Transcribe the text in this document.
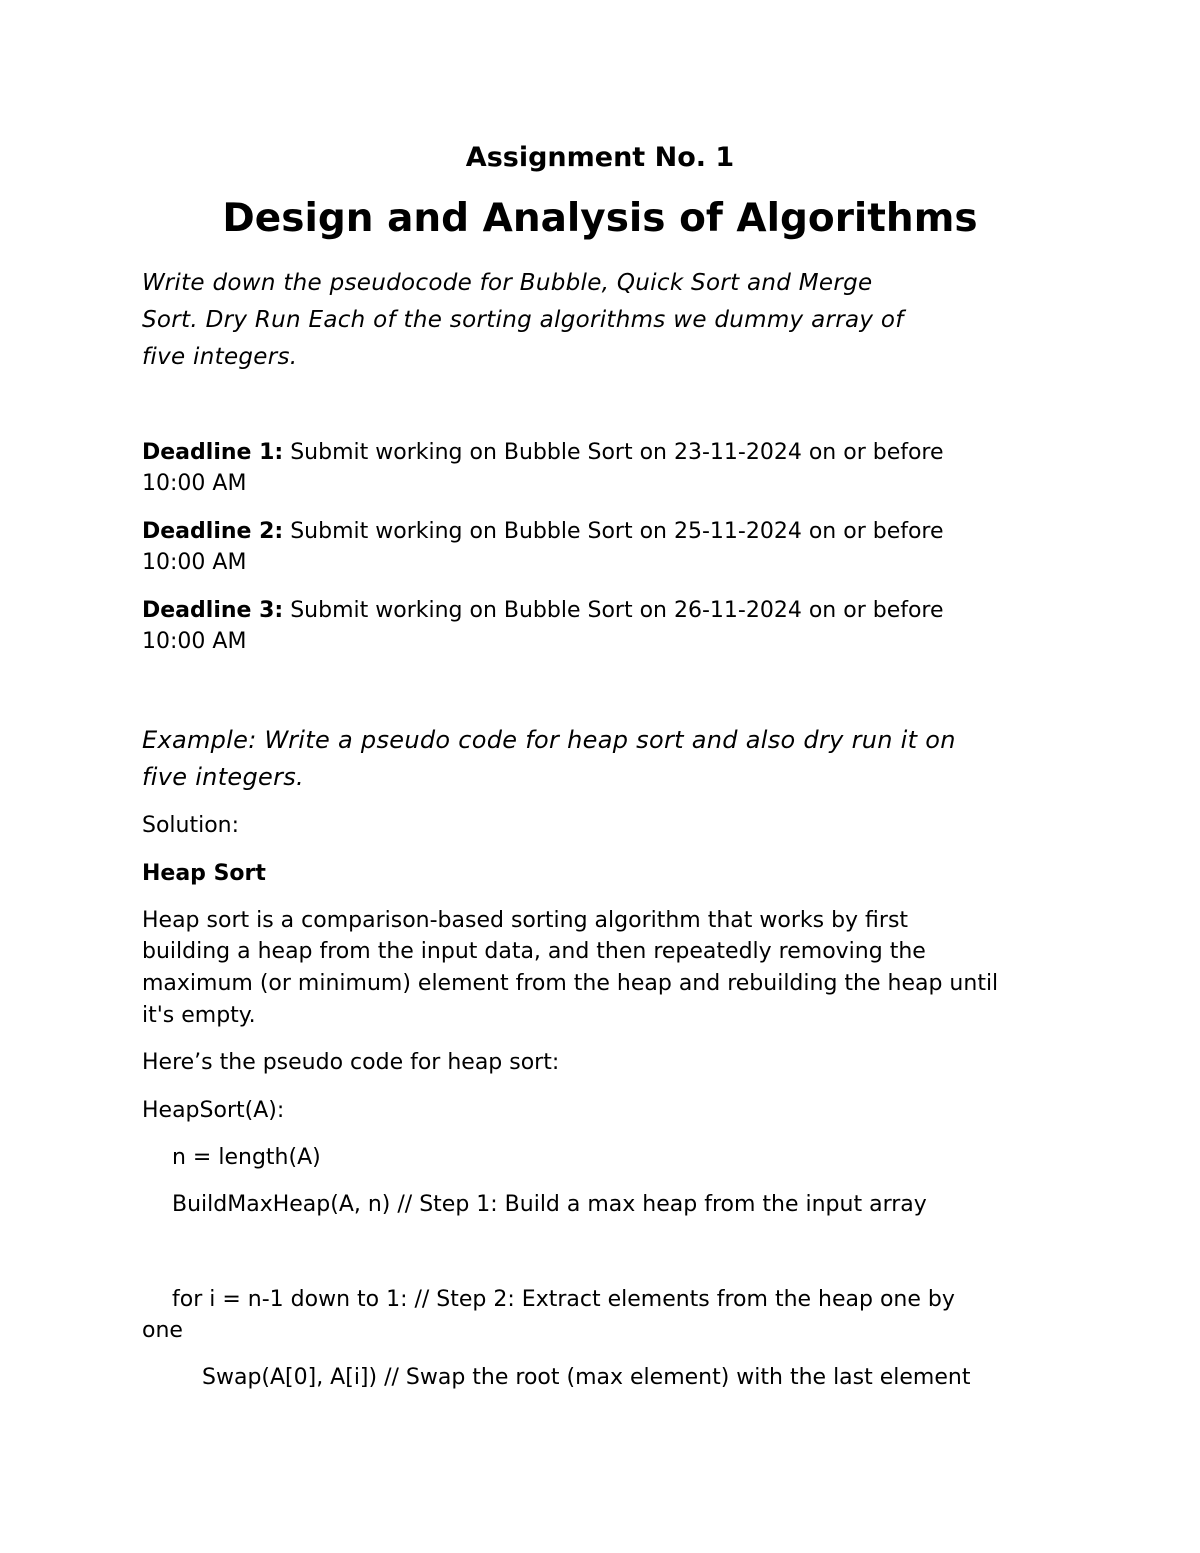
Assignment No. 1
Design and Analysis of Algorithms
Write down the pseudocode for Bubble, Quick Sort and Merge
Sort. Dry Run Each of the sorting algorithms we dummy array of
five integers.
Deadline 1: Submit working on Bubble Sort on 23-11-2024 on or before
10:00 AM
Deadline 2: Submit working on Bubble Sort on 25-11-2024 on or before
10:00 AM
Deadline 3: Submit working on Bubble Sort on 26-11-2024 on or before
10:00 AM
Example: Write a pseudo code for heap sort and also dry run it on
five integers.
Solution:
Heap Sort
Heap sort is a comparison-based sorting algorithm that works by first
building a heap from the input data, and then repeatedly removing the
maximum (or minimum) element from the heap and rebuilding the heap until
it's empty.
Here’s the pseudo code for heap sort:
HeapSort(A):
n = length(A)
BuildMaxHeap(A, n) // Step 1: Build a max heap from the input array
for i = n-1 down to 1: // Step 2: Extract elements from the heap one by
one
Swap(A[0], A[i]) // Swap the root (max element) with the last element
